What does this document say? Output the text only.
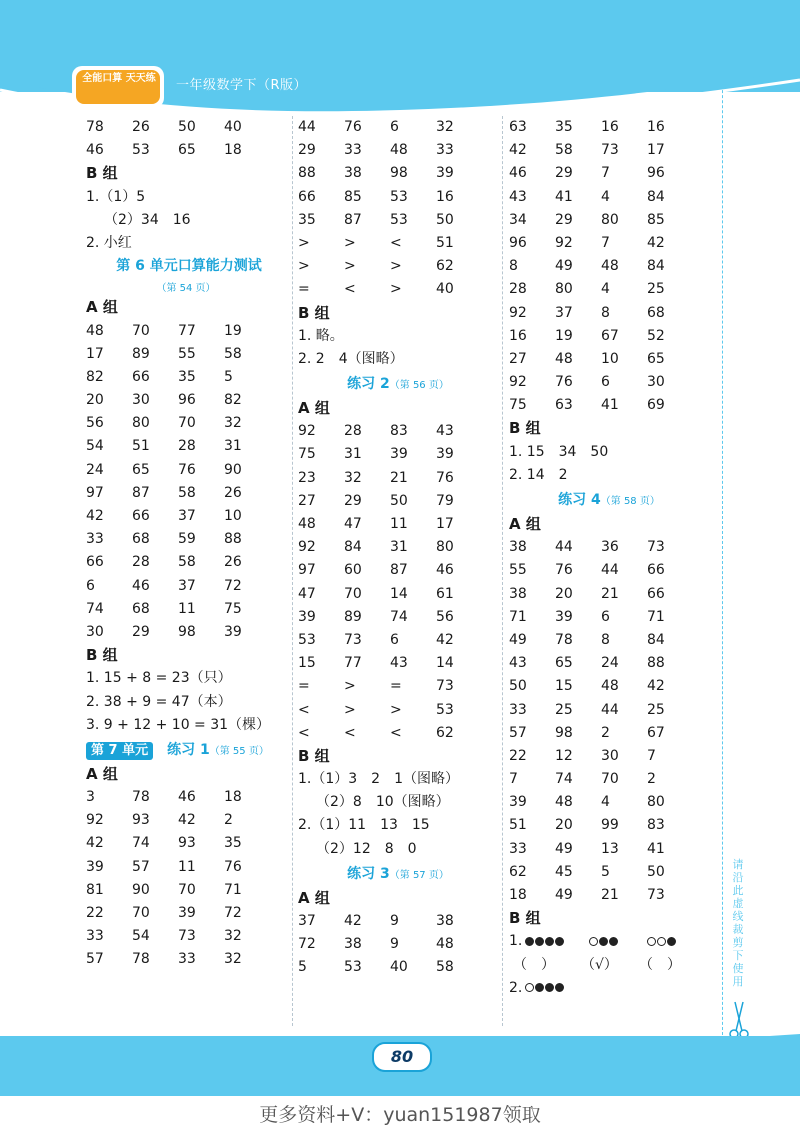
全能口算 天天练	一年级数学下（R版）
78 26 50 40
46 53 65 18
B 组
1.（1）5
（2）34　16
2. 小红
第 6 单元口算能力测试
（第 54 页）
A 组
48 70 77 19
17 89 55 58
82 66 35 5
20 30 96 82
56 80 70 32
54 51 28 31
24 65 76 90
97 87 58 26
42 66 37 10
33 68 59 88
66 28 58 26
6	46 37 72
74 68 11 75
30 29 98 39
B 组
1. 15 + 8 = 23（只）
2. 38 + 9 = 47（本）
3. 9 + 12 + 10 = 31（棵）
第 7 单元 练习 1（第 55 页）
A 组
3	78 46 18
92 93 42 2
42 74 93 35
39 57 11 76
81 90 70 71
22 70 39 72
33 54 73 32
57 78 33 32
44 76 6	32
29 33 48 33
88 38 98 39
66 85 53 16
35 87 53 50
> > < 51
> > > 62
= < > 40
B 组
1. 略。
2. 2　4（图略）
练习 2（第 56 页）
A 组
92 28 83 43
75 31 39 39
23 32 21 76
27 29 50 79
48 47 11 17
92 84 31 80
97 60 87 46
47 70 14 61
39 89 74 56
53 73 6	42
15 77 43 14
= > = 73
< > > 53
< < < 62
B 组
1.（1）3　2　1（图略）
（2）8　10（图略）
2.（1）11　13　15
（2）12　8　0
练习 3（第 57 页）
A 组
37 42 9	38
72 38 9	48
5	53 40 58
63 35 16 16
42 58 73 17
46 29 7	96
43 41 4	84
34 29 80 85
96 92 7	42
8	49 48 84
28 80 4	25
92 37 8	68
16 19 67 52
27 48 10 65
92 76 6	30
75 63 41 69
B 组
1. 15　34　50
2. 14　2
练习 4（第 58 页）
A 组
38 44 36 73
55 76 44 66
38 20 21 66
71 39 6	71
49 78 8	84
43 65 24 88
50 15 48 42
33 25 44 25
57 98 2	67
22 12 30 7
7	74 70 2
39 48 4	80
51 20 99 83
33 49 13 41
62 45 5	50
18 49 21 73
B 组
1.
（　） （√） （　）
2.
请沿此虚线裁剪下使用
80
更多资料+V：yuan151987领取
